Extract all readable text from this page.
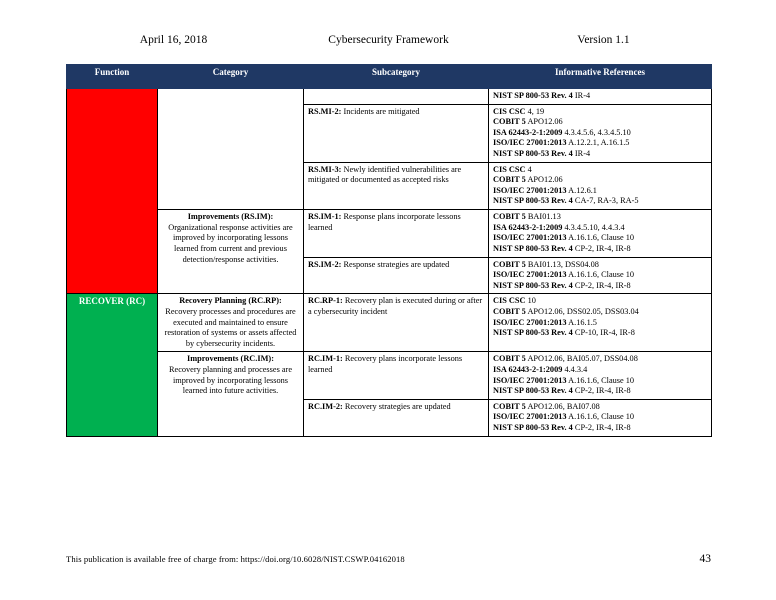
April 16, 2018	Cybersecurity Framework	Version 1.1
Function	Category	Subcategory	Informative References

			NIST SP 800-53 Rev. 4 IR-4

		RS.MI-2: Incidents are mitigated	CIS CSC 4, 19
COBIT 5 APO12.06
ISA 62443-2-1:2009 4.3.4.5.6, 4.3.4.5.10
ISO/IEC 27001:2013 A.12.2.1, A.16.1.5
NIST SP 800-53 Rev. 4 IR-4

		RS.MI-3: Newly identified vulnerabilities are mitigated or documented as accepted risks	CIS CSC 4
COBIT 5 APO12.06
ISO/IEC 27001:2013 A.12.6.1
NIST SP 800-53 Rev. 4 CA-7, RA-3, RA-5

Improvements (RS.IM):
Organizational response activities are improved by incorporating lessons learned from current and previous detection/response activities.	RS.IM-1: Response plans incorporate lessons learned	
COBIT 5 BAI01.13
ISA 62443-2-1:2009 4.3.4.5.10, 4.4.3.4
ISO/IEC 27001:2013 A.16.1.6, Clause 10
NIST SP 800-53 Rev. 4 CP-2, IR-4, IR-8

		RS.IM-2: Response strategies are updated	COBIT 5 BAI01.13, DSS04.08
ISO/IEC 27001:2013 A.16.1.6, Clause 10
NIST SP 800-53 Rev. 4 CP-2, IR-4, IR-8

RECOVER (RC)	Recovery Planning (RC.RP):
Recovery processes and procedures are executed and maintained to ensure restoration of systems or assets affected by cybersecurity incidents.	RC.RP-1: Recovery plan is executed during or after a cybersecurity incident	
CIS CSC 10
COBIT 5 APO12.06, DSS02.05, DSS03.04
ISO/IEC 27001:2013 A.16.1.5
NIST SP 800-53 Rev. 4 CP-10, IR-4, IR-8

Improvements (RC.IM):
Recovery planning and processes are improved by incorporating lessons learned into future activities.	RC.IM-1: Recovery plans incorporate lessons learned	
COBIT 5 APO12.06, BAI05.07, DSS04.08
ISA 62443-2-1:2009 4.4.3.4
ISO/IEC 27001:2013 A.16.1.6, Clause 10
NIST SP 800-53 Rev. 4 CP-2, IR-4, IR-8

		RC.IM-2: Recovery strategies are updated	COBIT 5 APO12.06, BAI07.08
ISO/IEC 27001:2013 A.16.1.6, Clause 10
NIST SP 800-53 Rev. 4 CP-2, IR-4, IR-8
This publication is available free of charge from: https://doi.org/10.6028/NIST.CSWP.04162018	43
